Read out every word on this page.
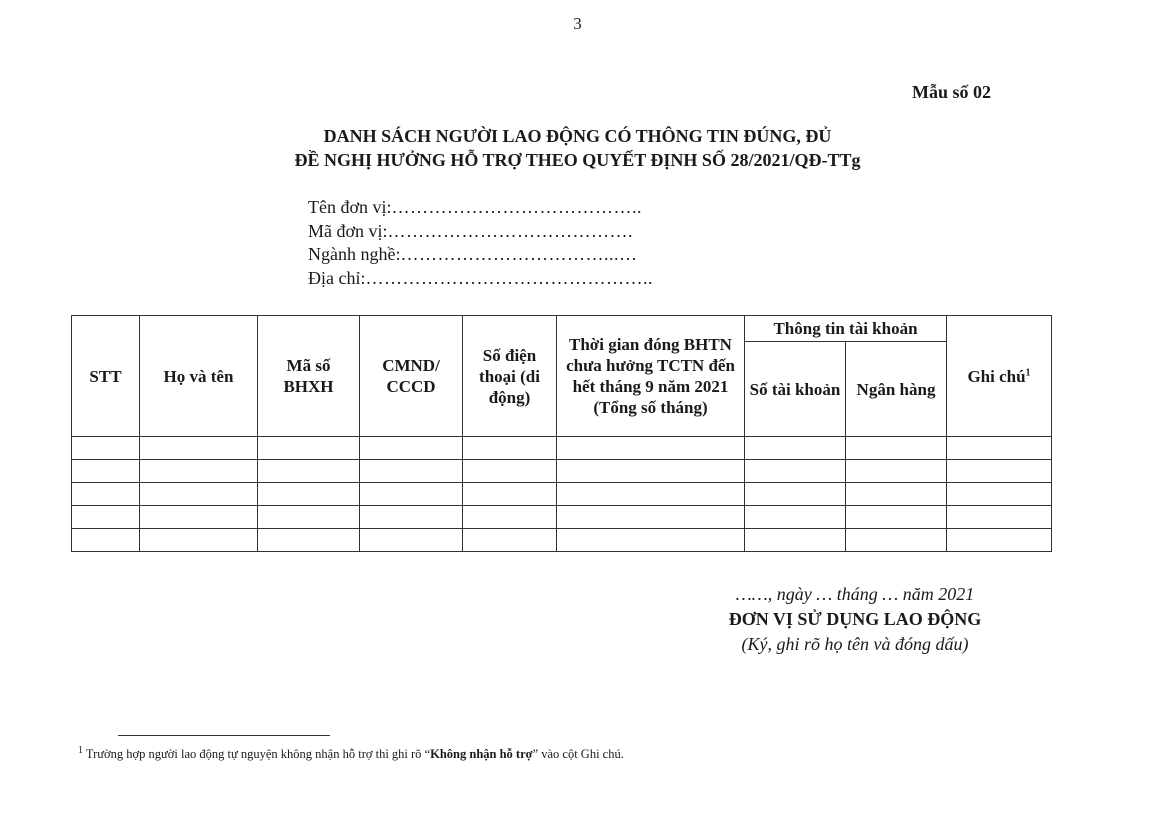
3
Mẫu số 02
DANH SÁCH NGƯỜI LAO ĐỘNG CÓ THÔNG TIN ĐÚNG, ĐỦ
ĐỀ NGHỊ HƯỞNG HỖ TRỢ THEO QUYẾT ĐỊNH SỐ 28/2021/QĐ-TTg
Tên đơn vị:…………………………………..
Mã đơn vị:………………………………….
Ngành nghề:……………………………...…
Địa chỉ:………………………………………..
STT	Họ và tên	Mã số BHXH	CMND/ CCCD	Số điện thoại (di động)	Thời gian đóng BHTN chưa hưởng TCTN đến hết tháng 9 năm 2021 (Tổng số tháng)	Thông tin tài khoản		Ghi chú$^1$
						Số tài khoản	Ngân hàng	

……, ngày … tháng … năm 2021
ĐƠN VỊ SỬ DỤNG LAO ĐỘNG
(Ký, ghi rõ họ tên và đóng dấu)
$^1$ Trường hợp người lao động tự nguyện không nhận hỗ trợ thì ghi rõ “Không nhận hỗ trợ” vào cột Ghi chú.
